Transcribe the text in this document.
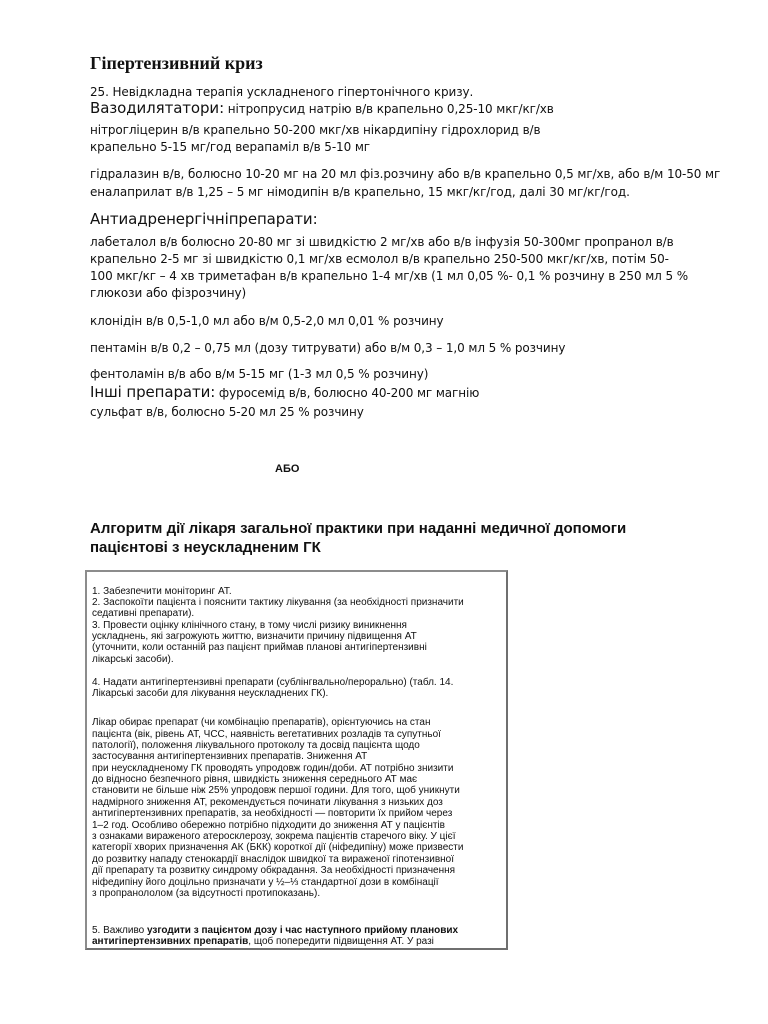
Гіпертензивний криз
25. Невідкладна терапія ускладненого гіпертонічного кризу.
Вазодилятатори: нітропрусид натрію в/в крапельно 0,25-10 мкг/кг/хв
нітрогліцерин в/в крапельно 50-200 мкг/хв нікардипіну гідрохлорид в/в
крапельно 5-15 мг/год верапаміл в/в 5-10 мг
гідралазин в/в, болюсно 10-20 мг на 20 мл фіз.розчину або в/в крапельно 0,5 мг/хв, або в/м 10-50 мг
еналаприлат в/в 1,25 – 5 мг німодипін в/в крапельно, 15 мкг/кг/год, далі 30 мг/кг/год.
Антиадренергічніпрепарати:
лабеталол в/в болюсно 20-80 мг зі швидкістю 2 мг/хв або в/в інфузія 50-300мг пропранол в/в
крапельно 2-5 мг зі швидкістю 0,1 мг/хв есмолол в/в крапельно 250-500 мкг/кг/хв, потім 50-
100 мкг/кг – 4 хв триметафан в/в крапельно 1-4 мг/хв (1 мл 0,05 %- 0,1 % розчину в 250 мл 5 %
глюкози або фізрозчину)
клонідін в/в 0,5-1,0 мл або в/м 0,5-2,0 мл 0,01 % розчину
пентамін в/в 0,2 – 0,75 мл (дозу титрувати) або в/м 0,3 – 1,0 мл 5 % розчину
фентоламін в/в або в/м 5-15 мг (1-3 мл 0,5 % розчину)
Інші препарати: фуросемід в/в, болюсно 40-200 мг магнію
сульфат в/в, болюсно 5-20 мл 25 % розчину
АБО
Алгоритм дії лікаря загальної практики при наданні медичної допомоги пацієнтові з неускладненим ГК
1. Забезпечити моніторинг АТ.
2. Заспокоїти пацієнта і пояснити тактику лікування (за необхідності призначити
седативні препарати).
3. Провести оцінку клінічного стану, в тому числі ризику виникнення
ускладнень, які загрожують життю, визначити причину підвищення АТ
(уточнити, коли останній раз пацієнт приймав планові антигіпертензивні
лікарські засоби).
4. Надати антигіпертензивні препарати (сублінгвально/перорально) (табл. 14.
Лікарські засоби для лікування неускладнених ГК).
Лікар обирає препарат (чи комбінацію препаратів), орієнтуючись на стан
пацієнта (вік, рівень АТ, ЧСС, наявність вегетативних розладів та супутньої
патології), положення лікувального протоколу та досвід пацієнта щодо
застосування антигіпертензивних препаратів. Зниження АТ
при неускладненому ГК проводять упродовж годин/доби. АТ потрібно знизити
до відносно безпечного рівня, швидкість зниження середнього АТ має
становити не більше ніж 25% упродовж першої години. Для того, щоб уникнути
надмірного зниження АТ, рекомендується починати лікування з низьких доз
антигіпертензивних препаратів, за необхідності — повторити їх прийом через
1–2 год. Особливо обережно потрібно підходити до зниження АТ у пацієнтів
з ознаками вираженого атеросклерозу, зокрема пацієнтів старечого віку. У цієї
категорії хворих призначення АК (БКК) короткої дії (ніфедипіну) може призвести
до розвитку нападу стенокардії внаслідок швидкої та вираженої гіпотензивної
дії препарату та розвитку синдрому обкрадання. За необхідності призначення
ніфедипіну його доцільно призначати у ½–⅓ стандартної дози в комбінації
з пропранололом (за відсутності протипоказань).
5. Важливо узгодити з пацієнтом дозу і час наступного прийому планових
антигіпертензивних препаратів, щоб попередити підвищення АТ. У разі
